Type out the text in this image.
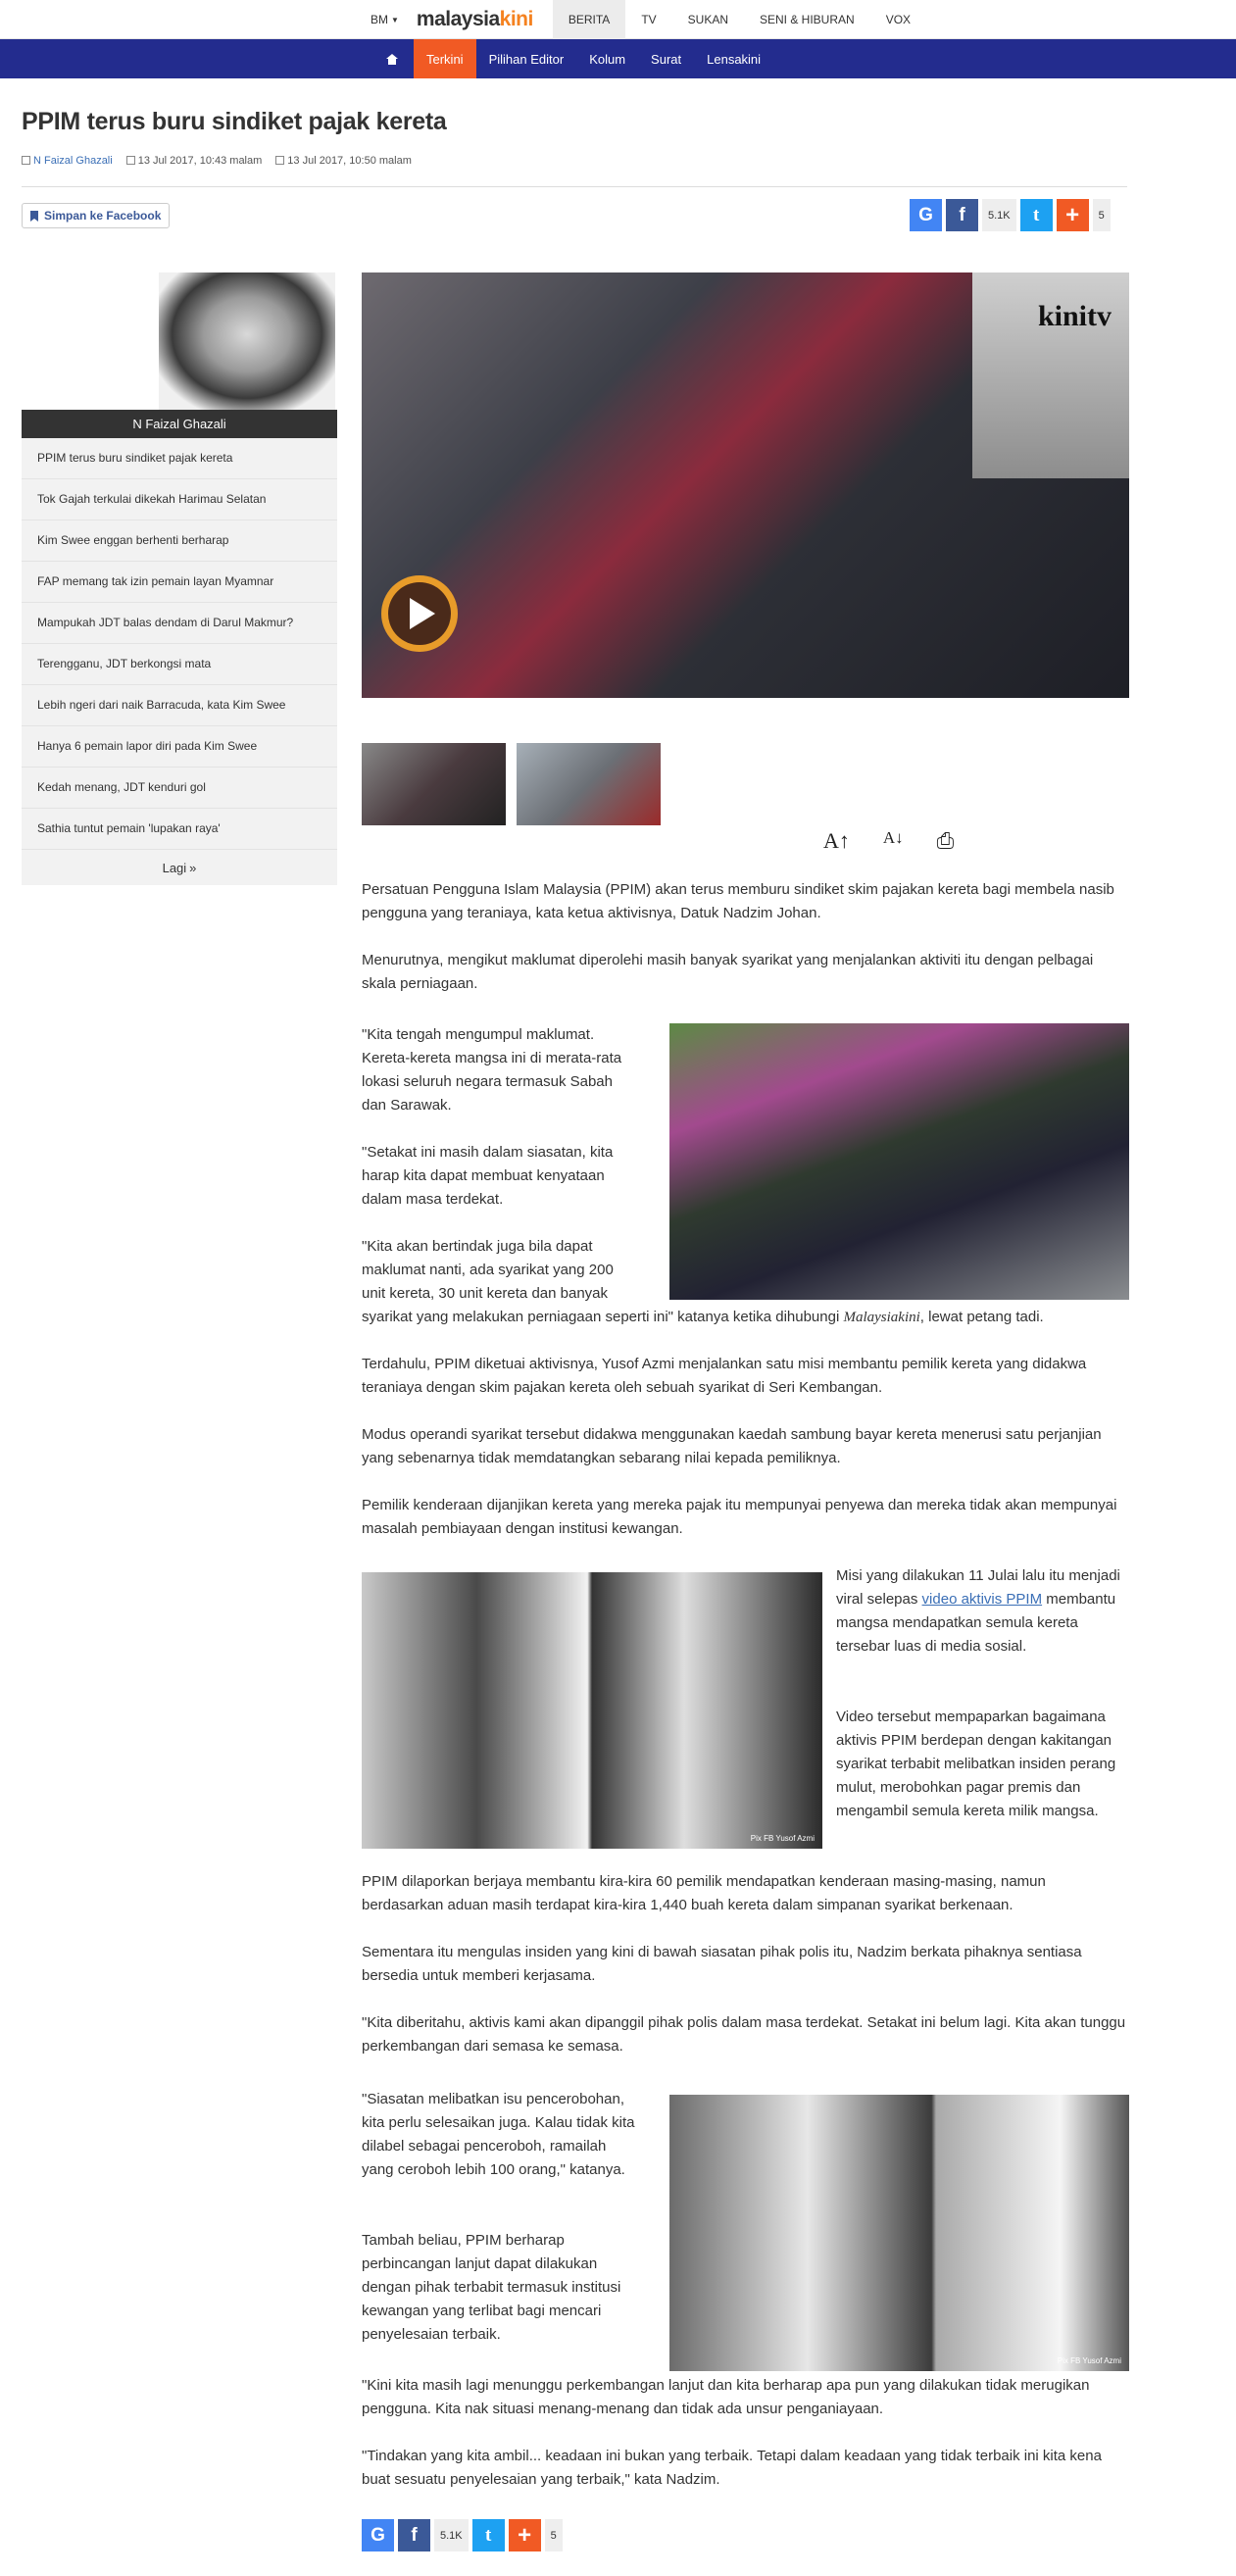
BM ▼ malaysiakini	BERITA	TV	SUKAN	SENI & HIBURAN	VOX
Terkini	Pilihan Editor	Kolum	Surat	Lensakini
PPIM terus buru sindiket pajak kereta
N Faizal Ghazali	13 Jul 2017, 10:43 malam	13 Jul 2017, 10:50 malam
Simpan ke Facebook	G	f	5.1K	t	+	5
N Faizal Ghazali
PPIM terus buru sindiket pajak kereta
Tok Gajah terkulai dikekah Harimau Selatan
Kim Swee enggan berhenti berharap
FAP memang tak izin pemain layan Myamnar
Mampukah JDT balas dendam di Darul Makmur?
Terengganu, JDT berkongsi mata
Lebih ngeri dari naik Barracuda, kata Kim Swee
Hanya 6 pemain lapor diri pada Kim Swee
Kedah menang, JDT kenduri gol
Sathia tuntut pemain 'lupakan raya'
Lagi »
kinitv
A↑ A↓ ⎙

Persatuan Pengguna Islam Malaysia (PPIM) akan terus memburu sindiket skim pajakan kereta bagi membela nasib pengguna yang teraniaya, kata ketua aktivisnya, Datuk Nadzim Johan.

Menurutnya, mengikut maklumat diperolehi masih banyak syarikat yang menjalankan aktiviti itu dengan pelbagai skala perniagaan.

"Kita tengah mengumpul maklumat. Kereta-kereta mangsa ini di merata-rata lokasi seluruh negara termasuk Sabah dan Sarawak.

"Setakat ini masih dalam siasatan, kita harap kita dapat membuat kenyataan dalam masa terdekat.

"Kita akan bertindak juga bila dapat maklumat nanti, ada syarikat yang 200 unit kereta, 30 unit kereta dan banyak

syarikat yang melakukan perniagaan seperti ini" katanya ketika dihubungi Malaysiakini, lewat petang tadi.

Terdahulu, PPIM diketuai aktivisnya, Yusof Azmi menjalankan satu misi membantu pemilik kereta yang didakwa teraniaya dengan skim pajakan kereta oleh sebuah syarikat di Seri Kembangan.

Modus operandi syarikat tersebut didakwa menggunakan kaedah sambung bayar kereta menerusi satu perjanjian yang sebenarnya tidak memdatangkan sebarang nilai kepada pemiliknya.

Pemilik kenderaan dijanjikan kereta yang mereka pajak itu mempunyai penyewa dan mereka tidak akan mempunyai masalah pembiayaan dengan institusi kewangan.

Pix FB Yusof Azmi

Misi yang dilakukan 11 Julai lalu itu menjadi viral selepas video aktivis PPIM membantu mangsa mendapatkan semula kereta tersebar luas di media sosial.

Video tersebut mempaparkan bagaimana aktivis PPIM berdepan dengan kakitangan syarikat terbabit melibatkan insiden perang mulut, merobohkan pagar premis dan mengambil semula kereta milik mangsa.

PPIM dilaporkan berjaya membantu kira-kira 60 pemilik mendapatkan kenderaan masing-masing, namun berdasarkan aduan masih terdapat kira-kira 1,440 buah kereta dalam simpanan syarikat berkenaan.

Sementara itu mengulas insiden yang kini di bawah siasatan pihak polis itu, Nadzim berkata pihaknya sentiasa bersedia untuk memberi kerjasama.

"Kita diberitahu, aktivis kami akan dipanggil pihak polis dalam masa terdekat. Setakat ini belum lagi. Kita akan tunggu perkembangan dari semasa ke semasa.

Pix FB Yusof Azmi

"Siasatan melibatkan isu pencerobohan, kita perlu selesaikan juga. Kalau tidak kita dilabel sebagai penceroboh, ramailah yang ceroboh lebih 100 orang," katanya.

Tambah beliau, PPIM berharap perbincangan lanjut dapat dilakukan dengan pihak terbabit termasuk institusi kewangan yang terlibat bagi mencari penyelesaian terbaik.

"Kini kita masih lagi menunggu perkembangan lanjut dan kita berharap apa pun yang dilakukan tidak merugikan pengguna. Kita nak situasi menang-menang dan tidak ada unsur penganiayaan.

"Tindakan yang kita ambil... keadaan ini bukan yang terbaik. Tetapi dalam keadaan yang tidak terbaik ini kita kena buat sesuatu penyelesaian yang terbaik," kata Nadzim.

G	f	5.1K	t	+	5
